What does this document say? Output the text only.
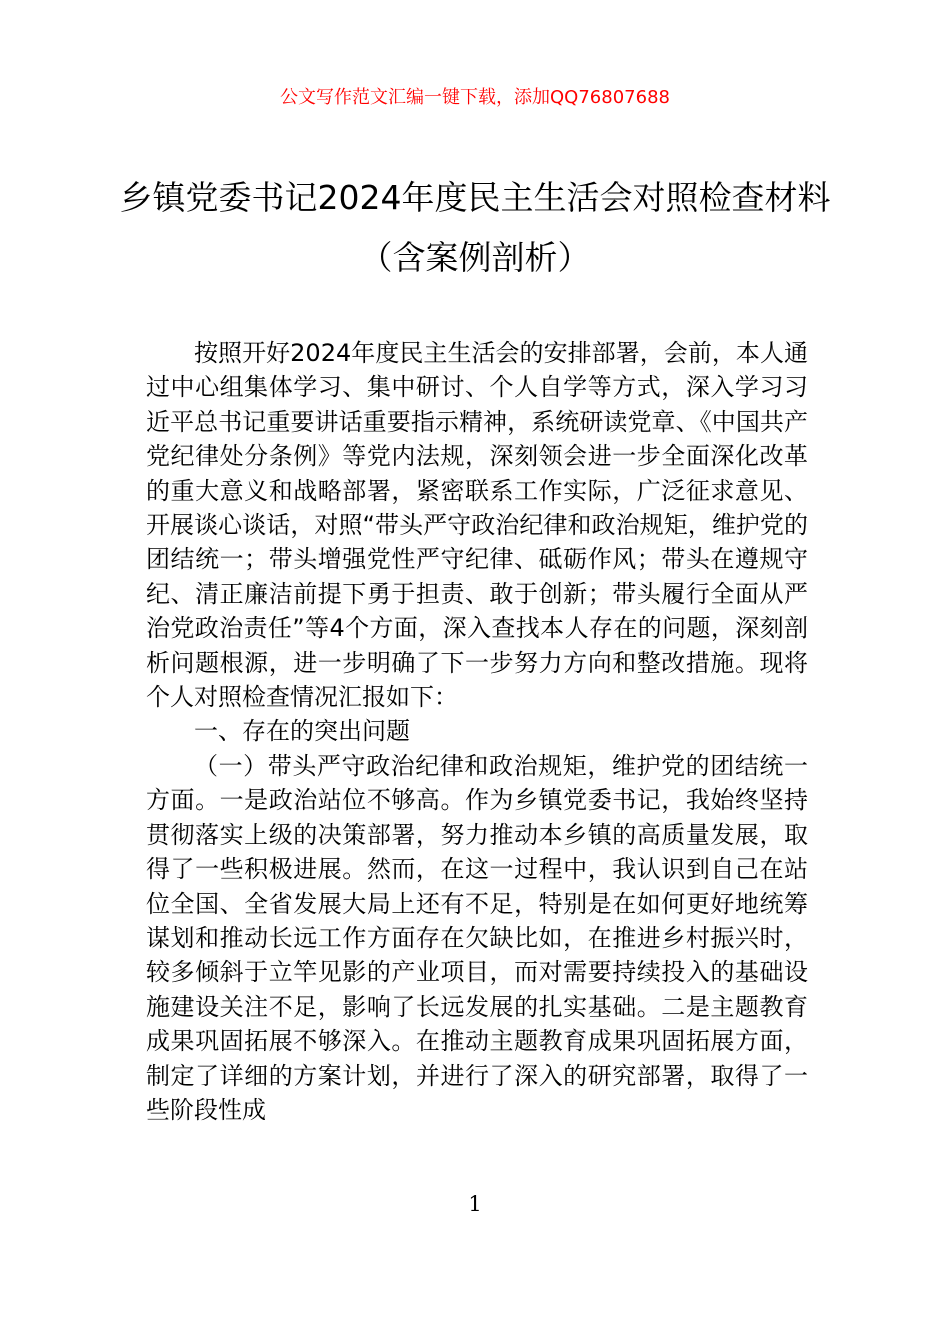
公文写作范文汇编一键下载，添加QQ76807688
乡镇党委书记2024年度民主生活会对照检查材料（含案例剖析）

按照开好2024年度民主生活会的安排部署，会前，本人通过中心组集体学习、集中研讨、个人自学等方式，深入学习习近平总书记重要讲话重要指示精神，系统研读党章、《中国共产党纪律处分条例》等党内法规，深刻领会进一步全面深化改革的重大意义和战略部署，紧密联系工作实际，广泛征求意见、开展谈心谈话，对照“带头严守政治纪律和政治规矩，维护党的团结统一；带头增强党性严守纪律、砥砺作风；带头在遵规守纪、清正廉洁前提下勇于担责、敢于创新；带头履行全面从严治党政治责任”等4个方面，深入查找本人存在的问题，深刻剖析问题根源，进一步明确了下一步努力方向和整改措施。现将个人对照检查情况汇报如下：

一、存在的突出问题

（一）带头严守政治纪律和政治规矩，维护党的团结统一方面。一是政治站位不够高。作为乡镇党委书记，我始终坚持贯彻落实上级的决策部署，努力推动本乡镇的高质量发展，取得了一些积极进展。然而，在这一过程中，我认识到自己在站位全国、全省发展大局上还有不足，特别是在如何更好地统筹谋划和推动长远工作方面存在欠缺比如，在推进乡村振兴时，较多倾斜于立竿见影的产业项目，而对需要持续投入的基础设施建设关注不足，影响了长远发展的扎实基础。二是主题教育成果巩固拓展不够深入。在推动主题教育成果巩固拓展方面，制定了详细的方案计划，并进行了深入的研究部署，取得了一些阶段性成

1
